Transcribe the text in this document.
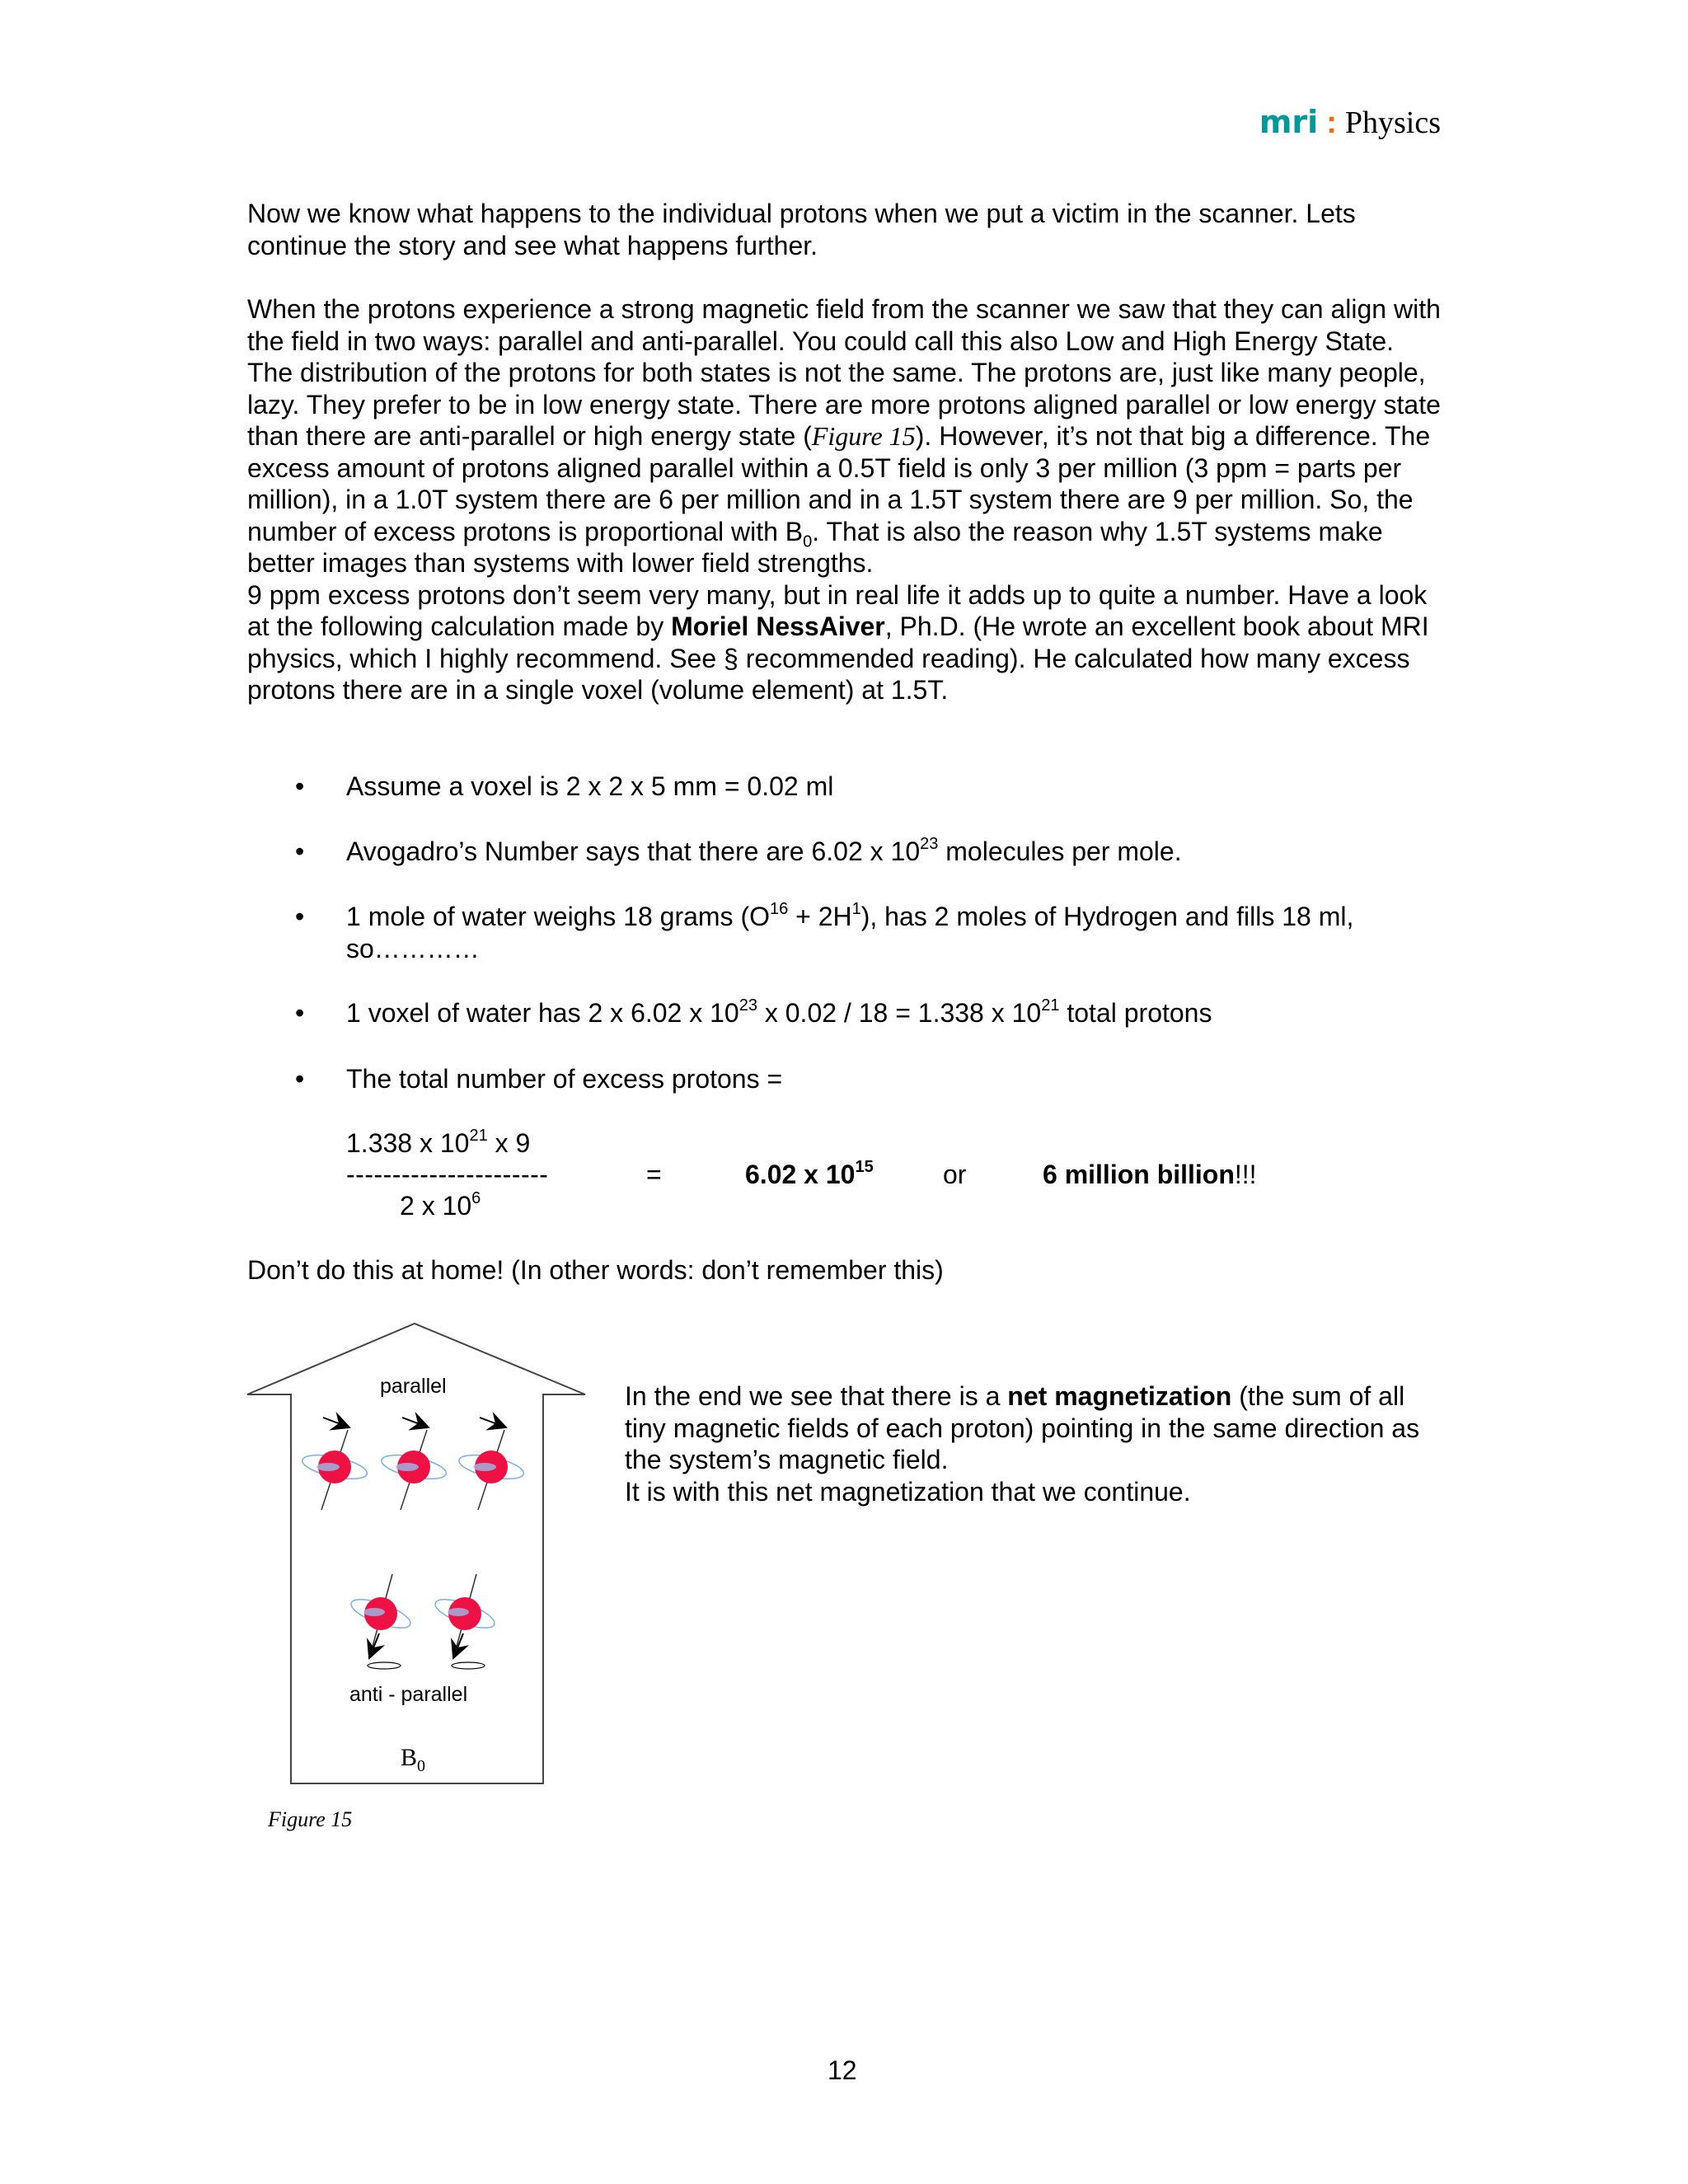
mri : Physics

Now we know what happens to the individual protons when we put a victim in the scanner. Lets continue the story and see what happens further.

When the protons experience a strong magnetic field from the scanner we saw that they can align with the field in two ways: parallel and anti-parallel. You could call this also Low and High Energy State.

The distribution of the protons for both states is not the same. The protons are, just like many people, lazy. They prefer to be in low energy state. There are more protons aligned parallel or low energy state than there are anti-parallel or high energy state (Figure 15). However, it’s not that big a difference. The excess amount of protons aligned parallel within a 0.5T field is only 3 per million (3 ppm = parts per million), in a 1.0T system there are 6 per million and in a 1.5T system there are 9 per million. So, the number of excess protons is proportional with $B_0$. That is also the reason why 1.5T systems make better images than systems with lower field strengths.

9 ppm excess protons don’t seem very many, but in real life it adds up to quite a number. Have a look at the following calculation made by Moriel NessAiver, Ph.D. (He wrote an excellent book about MRI physics, which I highly recommend. See § recommended reading). He calculated how many excess protons there are in a single voxel (volume element) at 1.5T.

• Assume a voxel is 2 x 2 x 5 mm = 0.02 ml
• Avogadro’s Number says that there are 6.02 x $10^{23}$ molecules per mole.
• 1 mole of water weighs 18 grams $(O^{16} + 2H^1)$, has 2 moles of Hydrogen and fills 18 ml, so…………
• 1 voxel of water has 2 x 6.02 x $10^{23}$ x 0.02 / 18 = 1.338 x $10^{21}$ total protons
• The total number of excess protons =
1.338 x $10^{21}$ x 9
----------------------
2 x $10^6$
=	6.02 x $10^{15}$	or	6 million billion!!!

Don’t do this at home! (In other words: don’t remember this)

parallel
anti - parallel
$B_0$
Figure 15
In the end we see that there is a net magnetization (the sum of all tiny magnetic fields of each proton) pointing in the same direction as the system’s magnetic field.
It is with this net magnetization that we continue.
12
